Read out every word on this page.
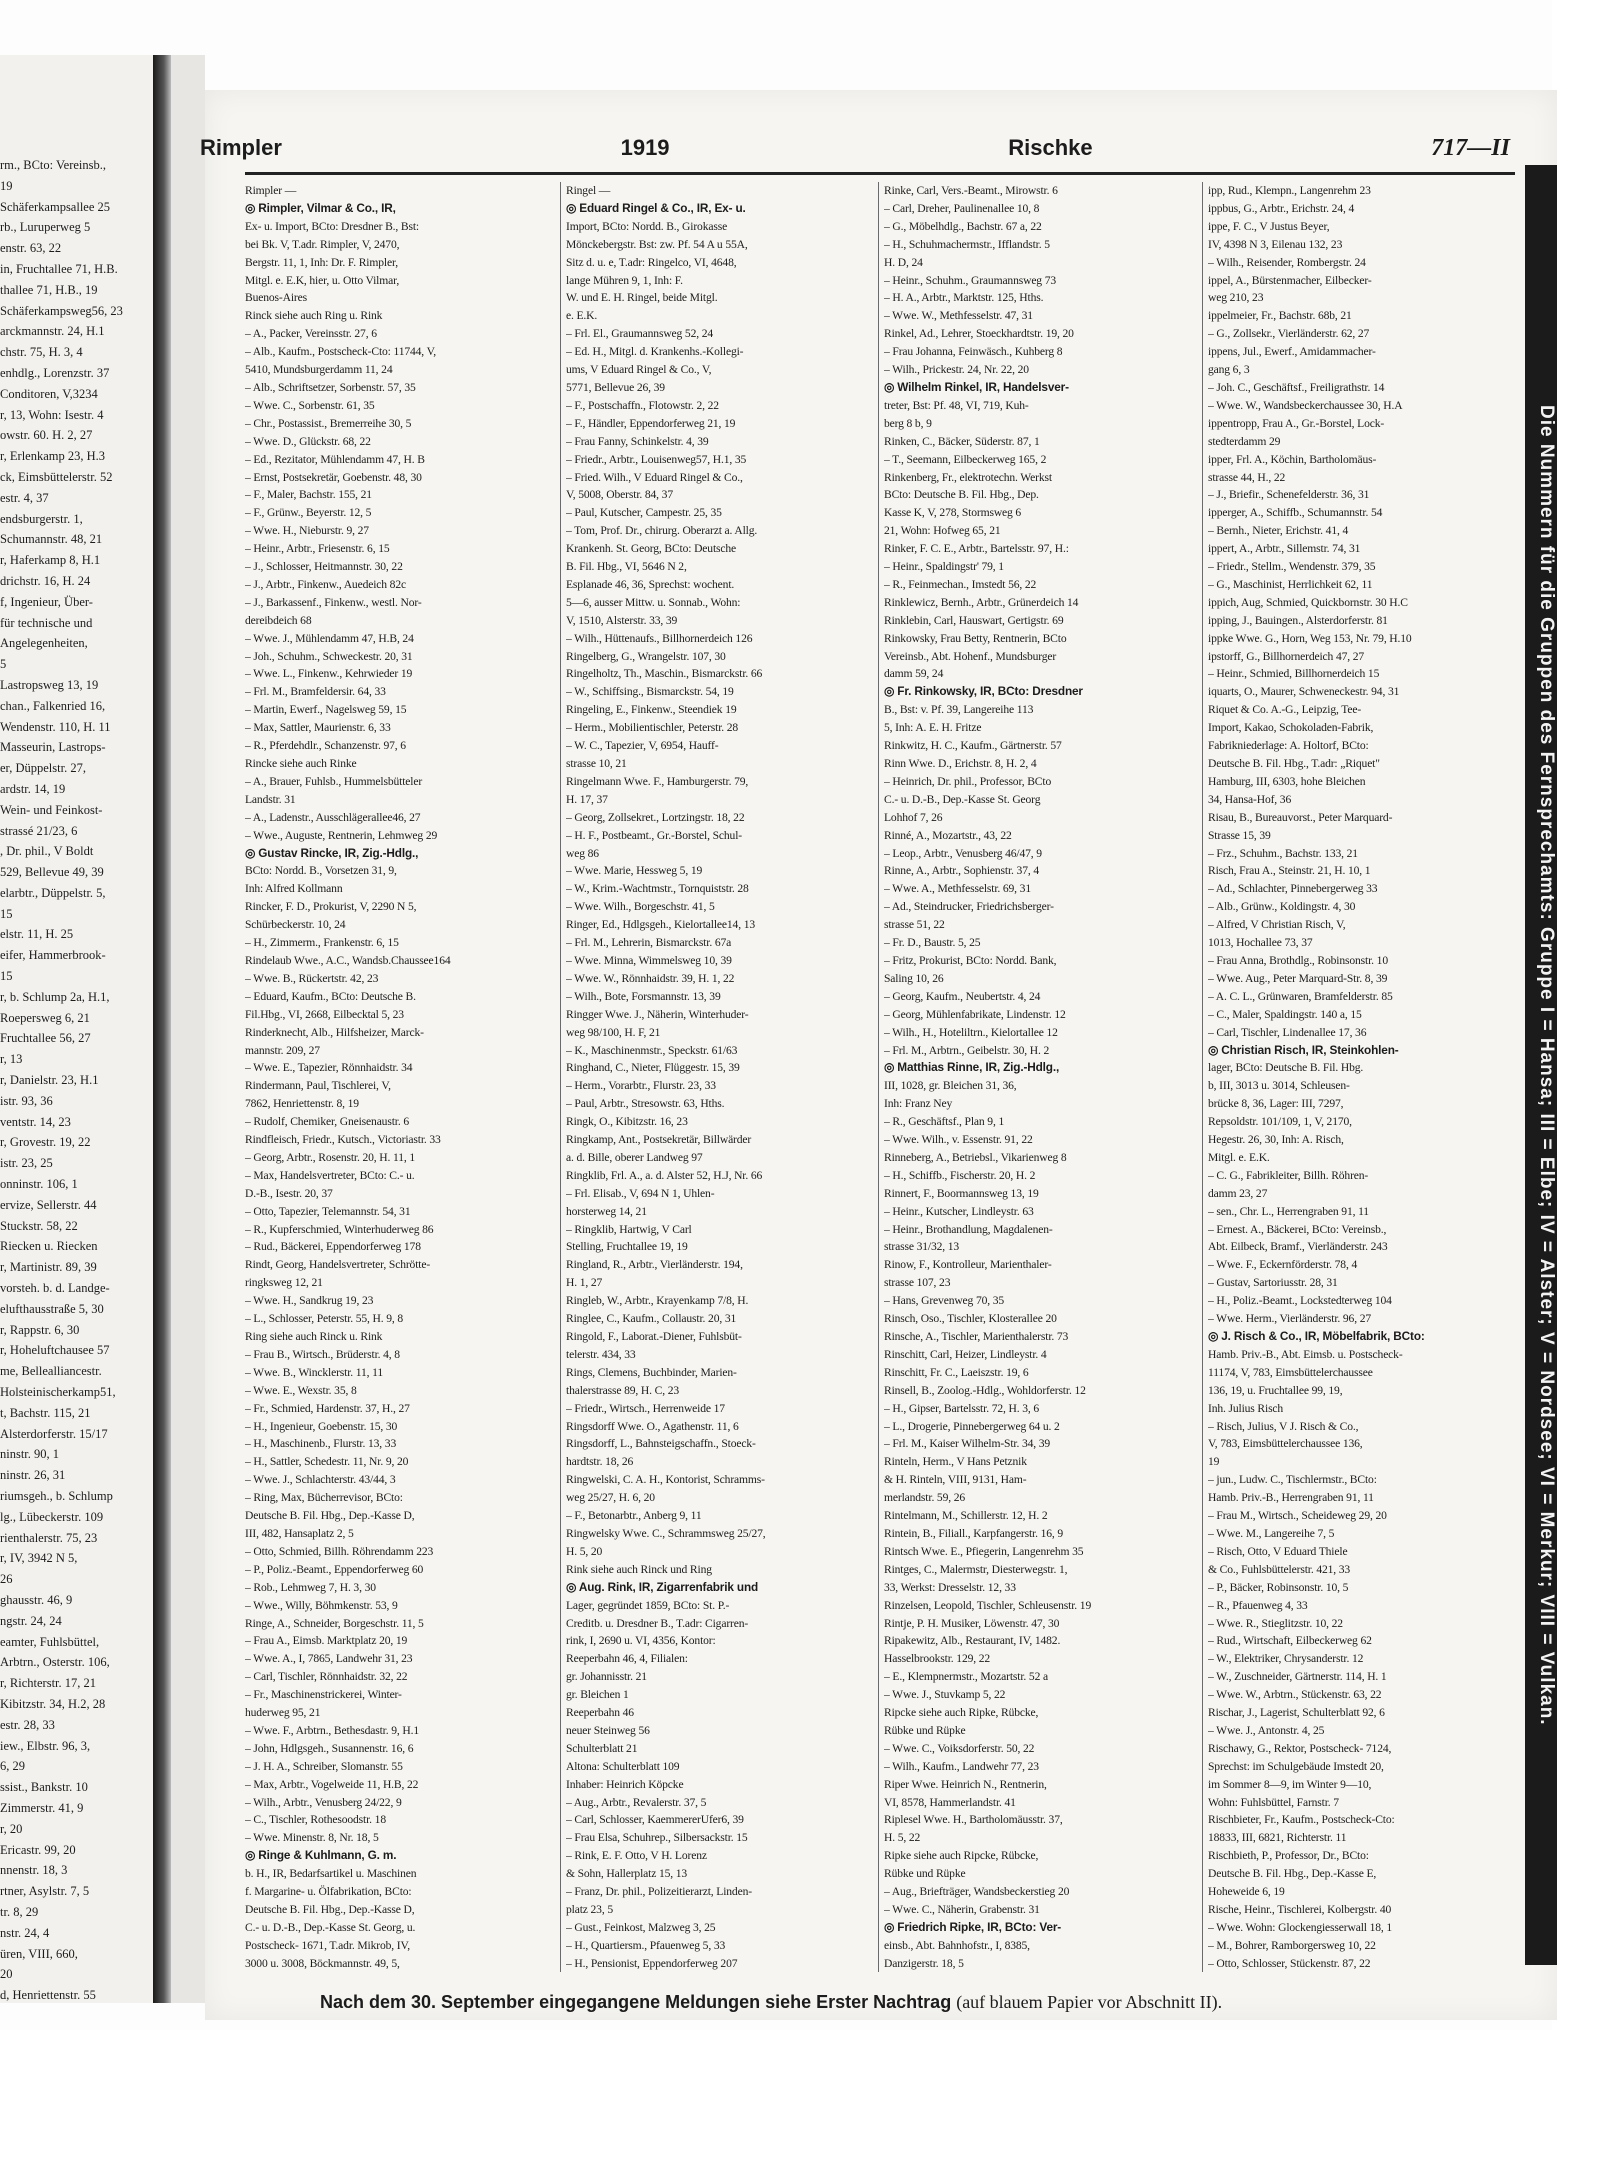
rm., BCto: Vereinsb.,
19
Schäferkampsallee 25
rb., Luruperweg 5
enstr. 63, 22
in, Fruchtallee 71, H.B.
thallee 71, H.B., 19
Schäferkampsweg56, 23
arckmannstr. 24, H.1
chstr. 75, H. 3, 4
enhdlg., Lorenzstr. 37
Conditoren, V,3234
r, 13, Wohn: Isestr. 4
owstr. 60. H. 2, 27
r, Erlenkamp 23, H.3
ck, Eimsbüttelerstr. 52
estr. 4, 37
endsburgerstr. 1,
Schumannstr. 48, 21
r, Haferkamp 8, H.1
drichstr. 16, H. 24
f, Ingenieur, Über-
für technische und
Angelegenheiten,
5
Lastropsweg 13, 19
chan., Falkenried 16,
Wendenstr. 110, H. 11
Masseurin, Lastrops-
er, Düppelstr. 27,
ardstr. 14, 19
Wein- und Feinkost-
strassé 21/23, 6
, Dr. phil., V Boldt
529, Bellevue 49, 39
elarbtr., Düppelstr. 5,
15
elstr. 11, H. 25
eifer, Hammerbrook-
15
r, b. Schlump 2a, H.1,
Roepersweg 6, 21
Fruchtallee 56, 27
r, 13
r, Danielstr. 23, H.1
istr. 93, 36
ventstr. 14, 23
r, Grovestr. 19, 22
istr. 23, 25
onninstr. 106, 1
ervize, Sellerstr. 44
Stuckstr. 58, 22
Riecken u. Riecken
r, Martinistr. 89, 39
vorsteh. b. d. Landge-
elufthausstraße 5, 30
r, Rappstr. 6, 30
r, Hoheluftchausee 57
me, Bellealliancestr.
Holsteinischerkamp51,
t, Bachstr. 115, 21
Alsterdorferstr. 15/17
ninstr. 90, 1
ninstr. 26, 31
riumsgeh., b. Schlump
lg., Lübeckerstr. 109
rienthalerstr. 75, 23
r, IV, 3942 N 5,
26
ghausstr. 46, 9
ngstr. 24, 24
eamter, Fuhlsbüttel,
Arbtrn., Osterstr. 106,
r, Richterstr. 17, 21
Kibitzstr. 34, H.2, 28
estr. 28, 33
iew., Elbstr. 96, 3,
6, 29
ssist., Bankstr. 10
Zimmerstr. 41, 9
r, 20
Ericastr. 99, 20
nnenstr. 18, 3
rtner, Asylstr. 7, 5
tr. 8, 29
nstr. 24, 4
üren, VIII, 660,
20
d, Henriettenstr. 55
Rimpler	1919	Rischke	717—II
Rimpler —
◎ Rimpler, Vilmar & Co., IR,
Ex- u. Import, BCto: Dresdner B., Bst:
bei Bk. V, T.adr. Rimpler, V, 2470,
Bergstr. 11, 1, Inh: Dr. F. Rimpler,
Mitgl. e. E.K, hier, u. Otto Vilmar,
Buenos-Aires
Rinck siehe auch Ring u. Rink
– A., Packer, Vereinsstr. 27, 6
– Alb., Kaufm., Postscheck-Cto: 11744, V,
5410, Mundsburgerdamm 11, 24
– Alb., Schriftsetzer, Sorbenstr. 57, 35
– Wwe. C., Sorbenstr. 61, 35
– Chr., Postassist., Bremerreihe 30, 5
– Wwe. D., Glückstr. 68, 22
– Ed., Rezitator, Mühlendamm 47, H. B
– Ernst, Postsekretär, Goebenstr. 48, 30
– F., Maler, Bachstr. 155, 21
– F., Grünw., Beyerstr. 12, 5
– Wwe. H., Nieburstr. 9, 27
– Heinr., Arbtr., Friesenstr. 6, 15
– J., Schlosser, Heitmannstr. 30, 22
– J., Arbtr., Finkenw., Auedeich 82c
– J., Barkassenf., Finkenw., westl. Nor-
dereibdeich 68
– Wwe. J., Mühlendamm 47, H.B, 24
– Joh., Schuhm., Schweckestr. 20, 31
– Wwe. L., Finkenw., Kehrwieder 19
– Frl. M., Bramfeldersir. 64, 33
– Martin, Ewerf., Nagelsweg 59, 15
– Max, Sattler, Maurienstr. 6, 33
– R., Pferdehdlr., Schanzenstr. 97, 6
Rincke siehe auch Rinke
– A., Brauer, Fuhlsb., Hummelsbütteler
Landstr. 31
– A., Ladenstr., Ausschlägerallee46, 27
– Wwe., Auguste, Rentnerin, Lehmweg 29
◎ Gustav Rincke, IR, Zig.-Hdlg.,
BCto: Nordd. B., Vorsetzen 31, 9,
Inh: Alfred Kollmann
Rincker, F. D., Prokurist, V, 2290 N 5,
Schürbeckerstr. 10, 24
– H., Zimmerm., Frankenstr. 6, 15
Rindelaub Wwe., A.C., Wandsb.Chaussee164
– Wwe. B., Rückertstr. 42, 23
– Eduard, Kaufm., BCto: Deutsche B.
Fil.Hbg., VI, 2668, Eilbecktal 5, 23
Rinderknecht, Alb., Hilfsheizer, Marck-
mannstr. 209, 27
– Wwe. E., Tapezier, Rönnhaidstr. 34
Rindermann, Paul, Tischlerei, V,
7862, Henriettenstr. 8, 19
– Rudolf, Chemiker, Gneisenaustr. 6
Rindfleisch, Friedr., Kutsch., Victoriastr. 33
– Georg, Arbtr., Rosenstr. 20, H. 11, 1
– Max, Handelsvertreter, BCto: C.- u.
D.-B., Isestr. 20, 37
– Otto, Tapezier, Telemannstr. 54, 31
– R., Kupferschmied, Winterhuderweg 86
– Rud., Bäckerei, Eppendorferweg 178
Rindt, Georg, Handelsvertreter, Schrötte-
ringksweg 12, 21
– Wwe. H., Sandkrug 19, 23
– L., Schlosser, Peterstr. 55, H. 9, 8
Ring siehe auch Rinck u. Rink
– Frau B., Wirtsch., Brüderstr. 4, 8
– Wwe. B., Wincklerstr. 11, 11
– Wwe. E., Wexstr. 35, 8
– Fr., Schmied, Hardenstr. 37, H., 27
– H., Ingenieur, Goebenstr. 15, 30
– H., Maschinenb., Flurstr. 13, 33
– H., Sattler, Schedestr. 11, Nr. 9, 20
– Wwe. J., Schlachterstr. 43/44, 3
– Ring, Max, Bücherrevisor, BCto:
Deutsche B. Fil. Hbg., Dep.-Kasse D,
III, 482, Hansaplatz 2, 5
– Otto, Schmied, Billh. Röhrendamm 223
– P., Poliz.-Beamt., Eppendorferweg 60
– Rob., Lehmweg 7, H. 3, 30
– Wwe., Willy, Böhmkenstr. 53, 9
Ringe, A., Schneider, Borgeschstr. 11, 5
– Frau A., Eimsb. Marktplatz 20, 19
– Wwe. A., I, 7865, Landwehr 31, 23
– Carl, Tischler, Rönnhaidstr. 32, 22
– Fr., Maschinenstrickerei, Winter-
huderweg 95, 21
– Wwe. F., Arbtrn., Bethesdastr. 9, H.1
– John, Hdlgsgeh., Susannenstr. 16, 6
– J. H. A., Schreiber, Slomanstr. 55
– Max, Arbtr., Vogelweide 11, H.B, 22
– Wilh., Arbtr., Venusberg 24/22, 9
– C., Tischler, Rothesoodstr. 18
– Wwe. Minenstr. 8, Nr. 18, 5
◎ Ringe & Kuhlmann, G. m.
b. H., IR, Bedarfsartikel u. Maschinen
f. Margarine- u. Ölfabrikation, BCto:
Deutsche B. Fil. Hbg., Dep.-Kasse D,
C.- u. D.-B., Dep.-Kasse St. Georg, u.
Postscheck- 1671, T.adr. Mikrob, IV,
3000 u. 3008, Böckmannstr. 49, 5,
Ringel —
◎ Eduard Ringel & Co., IR, Ex- u.
Import, BCto: Nordd. B., Girokasse
Mönckebergstr. Bst: zw. Pf. 54 A u 55A,
Sitz d. u. e, T.adr: Ringelco, VI, 4648,
lange Mühren 9, 1, Inh: F.
W. und E. H. Ringel, beide Mitgl.
e. E.K.
– Frl. El., Graumannsweg 52, 24
– Ed. H., Mitgl. d. Krankenhs.-Kollegi-
ums, V Eduard Ringel & Co., V,
5771, Bellevue 26, 39
– F., Postschaffn., Flotowstr. 2, 22
– F., Händler, Eppendorferweg 21, 19
– Frau Fanny, Schinkelstr. 4, 39
– Friedr., Arbtr., Louisenweg57, H.1, 35
– Fried. Wilh., V Eduard Ringel & Co.,
V, 5008, Oberstr. 84, 37
– Paul, Kutscher, Campestr. 25, 35
– Tom, Prof. Dr., chirurg. Oberarzt a. Allg.
Krankenh. St. Georg, BCto: Deutsche
B. Fil. Hbg., VI, 5646 N 2,
Esplanade 46, 36, Sprechst: wochent.
5—6, ausser Mittw. u. Sonnab., Wohn:
V, 1510, Alsterstr. 33, 39
– Wilh., Hüttenaufs., Billhornerdeich 126
Ringelberg, G., Wrangelstr. 107, 30
Ringelholtz, Th., Maschin., Bismarckstr. 66
– W., Schiffsing., Bismarckstr. 54, 19
Ringeling, E., Finkenw., Steendiek 19
– Herm., Mobilientischler, Peterstr. 28
– W. C., Tapezier, V, 6954, Hauff-
strasse 10, 21
Ringelmann Wwe. F., Hamburgerstr. 79,
H. 17, 37
– Georg, Zollsekret., Lortzingstr. 18, 22
– H. F., Postbeamt., Gr.-Borstel, Schul-
weg 86
– Wwe. Marie, Hessweg 5, 19
– W., Krim.-Wachtmstr., Tornquiststr. 28
– Wwe. Wilh., Borgeschstr. 41, 5
Ringer, Ed., Hdlgsgeh., Kielortallee14, 13
– Frl. M., Lehrerin, Bismarckstr. 67a
– Wwe. Minna, Wimmelsweg 10, 39
– Wwe. W., Rönnhaidstr. 39, H. 1, 22
– Wilh., Bote, Forsmannstr. 13, 39
Ringger Wwe. J., Näherin, Winterhuder-
weg 98/100, H. F, 21
– K., Maschinenmstr., Speckstr. 61/63
Ringhand, C., Nieter, Flüggestr. 15, 39
– Herm., Vorarbtr., Flurstr. 23, 33
– Paul, Arbtr., Stresowstr. 63, Hths.
Ringk, O., Kibitzstr. 16, 23
Ringkamp, Ant., Postsekretär, Billwärder
a. d. Bille, oberer Landweg 97
Ringklib, Frl. A., a. d. Alster 52, H.J, Nr. 66
– Frl. Elisab., V, 694 N 1, Uhlen-
horsterweg 14, 21
– Ringklib, Hartwig, V Carl
Stelling, Fruchtallee 19, 19
Ringland, R., Arbtr., Vierländerstr. 194,
H. 1, 27
Ringleb, W., Arbtr., Krayenkamp 7/8, H.
Ringlee, C., Kaufm., Collaustr. 20, 31
Ringold, F., Laborat.-Diener, Fuhlsbüt-
telerstr. 434, 33
Rings, Clemens, Buchbinder, Marien-
thalerstrasse 89, H. C, 23
– Friedr., Wirtsch., Herrenweide 17
Ringsdorff Wwe. O., Agathenstr. 11, 6
Ringsdorff, L., Bahnsteigschaffn., Stoeck-
hardtstr. 18, 26
Ringwelski, C. A. H., Kontorist, Schramms-
weg 25/27, H. 6, 20
– F., Betonarbtr., Anberg 9, 11
Ringwelsky Wwe. C., Schrammsweg 25/27,
H. 5, 20
Rink siehe auch Rinck und Ring
◎ Aug. Rink, IR, Zigarrenfabrik und
Lager, gegründet 1859, BCto: St. P.-
Creditb. u. Dresdner B., T.adr: Cigarren-
rink, I, 2690 u. VI, 4356, Kontor:
Reeperbahn 46, 4, Filialen:
gr. Johannisstr. 21
gr. Bleichen 1
Reeperbahn 46
neuer Steinweg 56
Schulterblatt 21
Altona: Schulterblatt 109
Inhaber: Heinrich Köpcke
– Aug., Arbtr., Revalerstr. 37, 5
– Carl, Schlosser, KaemmererUfer6, 39
– Frau Elsa, Schuhrep., Silbersackstr. 15
– Rink, E. F. Otto, V H. Lorenz
& Sohn, Hallerplatz 15, 13
– Franz, Dr. phil., Polizeitierarzt, Linden-
platz 23, 5
– Gust., Feinkost, Malzweg 3, 25
– H., Quartiersm., Pfauenweg 5, 33
– H., Pensionist, Eppendorferweg 207
Rinke, Carl, Vers.-Beamt., Mirowstr. 6
– Carl, Dreher, Paulinenallee 10, 8
– G., Möbelhdlg., Bachstr. 67 a, 22
– H., Schuhmachermstr., Ifflandstr. 5
H. D, 24
– Heinr., Schuhm., Graumannsweg 73
– H. A., Arbtr., Marktstr. 125, Hths.
– Wwe. W., Methfesselstr. 47, 31
Rinkel, Ad., Lehrer, Stoeckhardtstr. 19, 20
– Frau Johanna, Feinwäsch., Kuhberg 8
– Wilh., Prickestr. 24, Nr. 22, 20
◎ Wilhelm Rinkel, IR, Handelsver-
treter, Bst: Pf. 48, VI, 719, Kuh-
berg 8 b, 9
Rinken, C., Bäcker, Süderstr. 87, 1
– T., Seemann, Eilbeckerweg 165, 2
Rinkenberg, Fr., elektrotechn. Werkst
BCto: Deutsche B. Fil. Hbg., Dep.
Kasse K, V, 278, Stormsweg 6
21, Wohn: Hofweg 65, 21
Rinker, F. C. E., Arbtr., Bartelsstr. 97, H.:
– Heinr., Spaldingstr' 79, 1
– R., Feinmechan., Imstedt 56, 22
Rinklewicz, Bernh., Arbtr., Grünerdeich 14
Rinklebin, Carl, Hauswart, Gertigstr. 69
Rinkowsky, Frau Betty, Rentnerin, BCto
Vereinsb., Abt. Hohenf., Mundsburger
damm 59, 24
◎ Fr. Rinkowsky, IR, BCto: Dresdner
B., Bst: v. Pf. 39, Langereihe 113
5, Inh: A. E. H. Fritze
Rinkwitz, H. C., Kaufm., Gärtnerstr. 57
Rinn Wwe. D., Erichstr. 8, H. 2, 4
– Heinrich, Dr. phil., Professor, BCto
C.- u. D.-B., Dep.-Kasse St. Georg
Lohhof 7, 26
Rinné, A., Mozartstr., 43, 22
– Leop., Arbtr., Venusberg 46/47, 9
Rinne, A., Arbtr., Sophienstr. 37, 4
– Wwe. A., Methfesselstr. 69, 31
– Ad., Steindrucker, Friedrichsberger-
strasse 51, 22
– Fr. D., Baustr. 5, 25
– Fritz, Prokurist, BCto: Nordd. Bank,
Saling 10, 26
– Georg, Kaufm., Neubertstr. 4, 24
– Georg, Mühlenfabrikate, Lindenstr. 12
– Wilh., H., Hoteliltrn., Kielortallee 12
– Frl. M., Arbtrn., Geibelstr. 30, H. 2
◎ Matthias Rinne, IR, Zig.-Hdlg.,
III, 1028, gr. Bleichen 31, 36,
Inh: Franz Ney
– R., Geschäftsf., Plan 9, 1
– Wwe. Wilh., v. Essenstr. 91, 22
Rinneberg, A., Betriebsl., Vikarienweg 8
– H., Schiffb., Fischerstr. 20, H. 2
Rinnert, F., Boormannsweg 13, 19
– Heinr., Kutscher, Lindleystr. 63
– Heinr., Brothandlung, Magdalenen-
strasse 31/32, 13
Rinow, F., Kontrolleur, Marienthaler-
strasse 107, 23
– Hans, Grevenweg 70, 35
Rinsch, Oso., Tischler, Klosterallee 20
Rinsche, A., Tischler, Marienthalerstr. 73
Rinschitt, Carl, Heizer, Lindleystr. 4
Rinschitt, Fr. C., Laeiszstr. 19, 6
Rinsell, B., Zoolog.-Hdlg., Wohldorferstr. 12
– H., Gipser, Bartelsstr. 72, H. 3, 6
– L., Drogerie, Pinnebergerweg 64 u. 2
– Frl. M., Kaiser Wilhelm-Str. 34, 39
Rinteln, Herm., V Hans Petznik
& H. Rinteln, VIII, 9131, Ham-
merlandstr. 59, 26
Rintelmann, M., Schillerstr. 12, H. 2
Rintein, B., Filiall., Karpfangerstr. 16, 9
Rintsch Wwe. E., Pfiegerin, Langenrehm 35
Rintges, C., Malermstr, Diesterwegstr. 1,
33, Werkst: Dresselstr. 12, 33
Rinzelsen, Leopold, Tischler, Schleusenstr. 19
Rintje, P. H. Musiker, Löwenstr. 47, 30
Ripakewitz, Alb., Restaurant, IV, 1482.
Hasselbrookstr. 129, 22
– E., Klempnermstr., Mozartstr. 52 a
– Wwe. J., Stuvkamp 5, 22
Ripcke siehe auch Ripke, Rübcke,
Rübke und Rüpke
– Wwe. C., Voiksdorferstr. 50, 22
– Wilh., Kaufm., Landwehr 77, 23
Riper Wwe. Heinrich N., Rentnerin,
VI, 8578, Hammerlandstr. 41
Riplesel Wwe. H., Bartholomäusstr. 37,
H. 5, 22
Ripke siehe auch Ripcke, Rübcke,
Rübke und Rüpke
– Aug., Briefträger, Wandsbeckerstieg 20
– Wwe. C., Näherin, Grabenstr. 31
◎ Friedrich Ripke, IR, BCto: Ver-
einsb., Abt. Bahnhofstr., I, 8385,
Danzigerstr. 18, 5
ipp, Rud., Klempn., Langenrehm 23
ippbus, G., Arbtr., Erichstr. 24, 4
ippe, F. C., V Justus Beyer,
IV, 4398 N 3, Eilenau 132, 23
– Wilh., Reisender, Rombergstr. 24
ippel, A., Bürstenmacher, Eilbecker-
weg 210, 23
ippelmeier, Fr., Bachstr. 68b, 21
– G., Zollsekr., Vierländerstr. 62, 27
ippens, Jul., Ewerf., Amidammacher-
gang 6, 3
– Joh. C., Geschäftsf., Freiligrathstr. 14
– Wwe. W., Wandsbeckerchaussee 30, H.A
ippentropp, Frau A., Gr.-Borstel, Lock-
stedterdamm 29
ipper, Frl. A., Köchin, Bartholomäus-
strasse 44, H., 22
– J., Briefir., Schenefelderstr. 36, 31
ipperger, A., Schiffb., Schumannstr. 54
– Bernh., Nieter, Erichstr. 41, 4
ippert, A., Arbtr., Sillemstr. 74, 31
– Friedr., Stellm., Wendenstr. 379, 35
– G., Maschinist, Herrlichkeit 62, 11
ippich, Aug, Schmied, Quickbornstr. 30 H.C
ipping, J., Bauingen., Alsterdorferstr. 81
ippke Wwe. G., Horn, Weg 153, Nr. 79, H.10
ipstorff, G., Billhornerdeich 47, 27
– Heinr., Schmied, Billhornerdeich 15
iquarts, O., Maurer, Schweneckestr. 94, 31
Riquet & Co. A.-G., Leipzig, Tee-
Import, Kakao, Schokoladen-Fabrik,
Fabrikniederlage: A. Holtorf, BCto:
Deutsche B. Fil. Hbg., T.adr: „Riquet"
Hamburg, III, 6303, hohe Bleichen
34, Hansa-Hof, 36
Risau, B., Bureauvorst., Peter Marquard-
Strasse 15, 39
– Frz., Schuhm., Bachstr. 133, 21
Risch, Frau A., Steinstr. 21, H. 10, 1
– Ad., Schlachter, Pinnebergerweg 33
– Alb., Grünw., Koldingstr. 4, 30
– Alfred, V Christian Risch, V,
1013, Hochallee 73, 37
– Frau Anna, Brothdlg., Robinsonstr. 10
– Wwe. Aug., Peter Marquard-Str. 8, 39
– A. C. L., Grünwaren, Bramfelderstr. 85
– C., Maler, Spaldingstr. 140 a, 15
– Carl, Tischler, Lindenallee 17, 36
◎ Christian Risch, IR, Steinkohlen-
lager, BCto: Deutsche B. Fil. Hbg.
b, III, 3013 u. 3014, Schleusen-
brücke 8, 36, Lager: III, 7297,
Repsoldstr. 101/109, 1, V, 2170,
Hegestr. 26, 30, Inh: A. Risch,
Mitgl. e. E.K.
– C. G., Fabrikleiter, Billh. Röhren-
damm 23, 27
– sen., Chr. L., Herrengraben 91, 11
– Ernest. A., Bäckerei, BCto: Vereinsb.,
Abt. Eilbeck, Bramf., Vierländerstr. 243
– Wwe. F., Eckernförderstr. 78, 4
– Gustav, Sartoriusstr. 28, 31
– H., Poliz.-Beamt., Lockstedterweg 104
– Wwe. Herm., Vierländerstr. 96, 27
◎ J. Risch & Co., IR, Möbelfabrik, BCto:
Hamb. Priv.-B., Abt. Eimsb. u. Postscheck-
11174, V, 783, Eimsbüttelerchaussee
136, 19, u. Fruchtallee 99, 19,
Inh. Julius Risch
– Risch, Julius, V J. Risch & Co.,
V, 783, Eimsbüttelerchaussee 136,
19
– jun., Ludw. C., Tischlermstr., BCto:
Hamb. Priv.-B., Herrengraben 91, 11
– Frau M., Wirtsch., Scheideweg 29, 20
– Wwe. M., Langereihe 7, 5
– Risch, Otto, V Eduard Thiele
& Co., Fuhlsbüttelerstr. 421, 33
– P., Bäcker, Robinsonstr. 10, 5
– R., Pfauenweg 4, 33
– Wwe. R., Stieglitzstr. 10, 22
– Rud., Wirtschaft, Eilbeckerweg 62
– W., Elektriker, Chrysanderstr. 12
– W., Zuschneider, Gärtnerstr. 114, H. 1
– Wwe. W., Arbtrn., Stückenstr. 63, 22
Rischar, J., Lagerist, Schulterblatt 92, 6
– Wwe. J., Antonstr. 4, 25
Rischawy, G., Rektor, Postscheck- 7124,
Sprechst: im Schulgebäude Imstedt 20,
im Sommer 8—9, im Winter 9—10,
Wohn: Fuhlsbüttel, Farnstr. 7
Rischbieter, Fr., Kaufm., Postscheck-Cto:
18833, III, 6821, Richterstr. 11
Rischbieth, P., Professor, Dr., BCto:
Deutsche B. Fil. Hbg., Dep.-Kasse E,
Hoheweide 6, 19
Rische, Heinr., Tischlerei, Kolbergstr. 40
– Wwe. Wohn: Glockengiesserwall 18, 1
– M., Bohrer, Ramborgersweg 10, 22
– Otto, Schlosser, Stückenstr. 87, 22
Die Nummern für die Gruppen des Fernsprechamts: Gruppe I = Hansa; III = Elbe; IV = Alster; V = Nordsee; VI = Merkur; VIII = Vulkan.
Nach dem 30. September eingegangene Meldungen siehe Erster Nachtrag (auf blauem Papier vor Abschnitt II).
